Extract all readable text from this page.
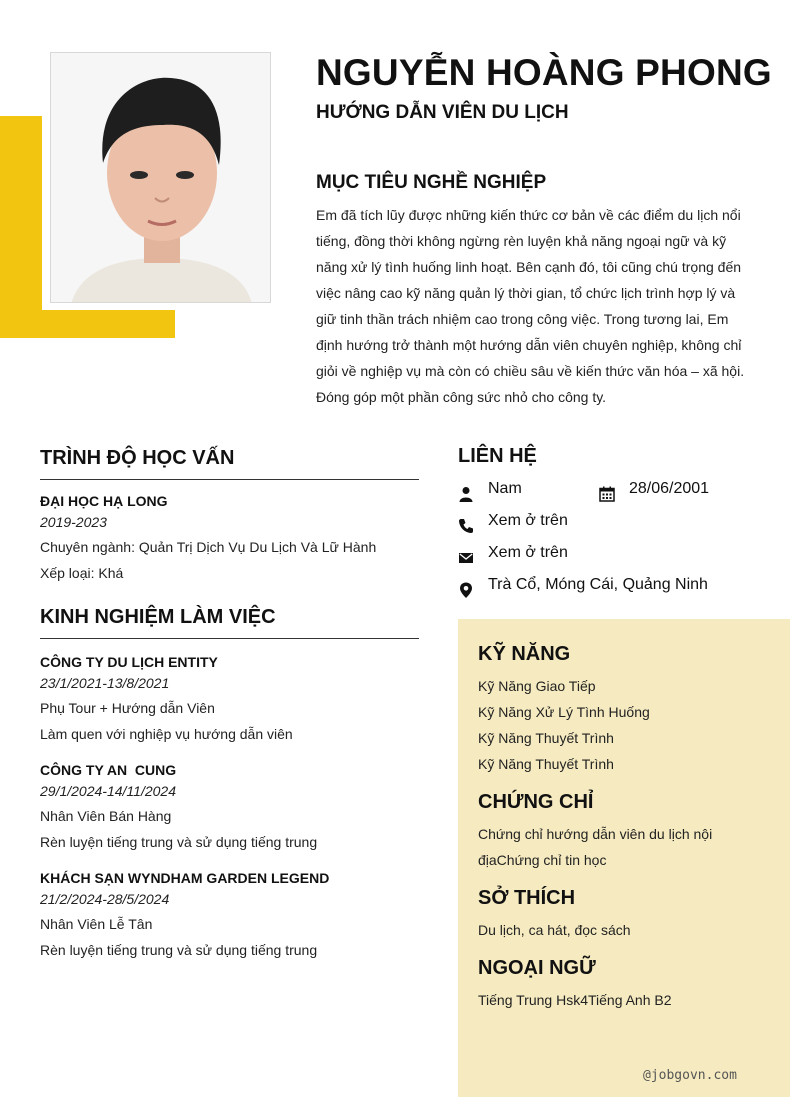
NGUYỄN HOÀNG PHONG
HƯỚNG DẪN VIÊN DU LỊCH
MỤC TIÊU NGHỀ NGHIỆP
Em đã tích lũy được những kiến thức cơ bản về các điểm du lịch nổi tiếng, đồng thời không ngừng rèn luyện khả năng ngoại ngữ và kỹ năng xử lý tình huống linh hoạt. Bên cạnh đó, tôi cũng chú trọng đến việc nâng cao kỹ năng quản lý thời gian, tổ chức lịch trình hợp lý và giữ tinh thần trách nhiệm cao trong công việc. Trong tương lai, Em định hướng trở thành một hướng dẫn viên chuyên nghiệp, không chỉ giỏi về nghiệp vụ mà còn có chiều sâu về kiến thức văn hóa – xã hội. Đóng góp một phần công sức nhỏ cho công ty.
TRÌNH ĐỘ HỌC VẤN
ĐẠI HỌC HẠ LONG
2019-2023
Chuyên ngành: Quản Trị Dịch Vụ Du Lịch Và Lữ Hành
Xếp loại: Khá
KINH NGHIỆM LÀM VIỆC
CÔNG TY DU LỊCH ENTITY
23/1/2021-13/8/2021
Phụ Tour + Hướng dẫn Viên
Làm quen với nghiệp vụ hướng dẫn viên
CÔNG TY AN  CUNG
29/1/2024-14/11/2024
Nhân Viên Bán Hàng
Rèn luyện tiếng trung và sử dụng tiếng trung
KHÁCH SẠN WYNDHAM GARDEN LEGEND
21/2/2024-28/5/2024
Nhân Viên Lễ Tân
Rèn luyện tiếng trung và sử dụng tiếng trung
LIÊN HỆ
Nam	28/06/2001
Xem ở trên
Xem ở trên
Trà Cổ, Móng Cái, Quảng Ninh
KỸ NĂNG
Kỹ Năng Giao Tiếp
Kỹ Năng Xử Lý Tình Huống
Kỹ Năng Thuyết Trình
Kỹ Năng Thuyết Trình
CHỨNG CHỈ
Chứng chỉ hướng dẫn viên du lịch nội
địaChứng chỉ tin học
SỞ THÍCH
Du lịch, ca hát, đọc sách
NGOẠI NGỮ
Tiếng Trung Hsk4Tiếng Anh B2
@jobgovn.com
